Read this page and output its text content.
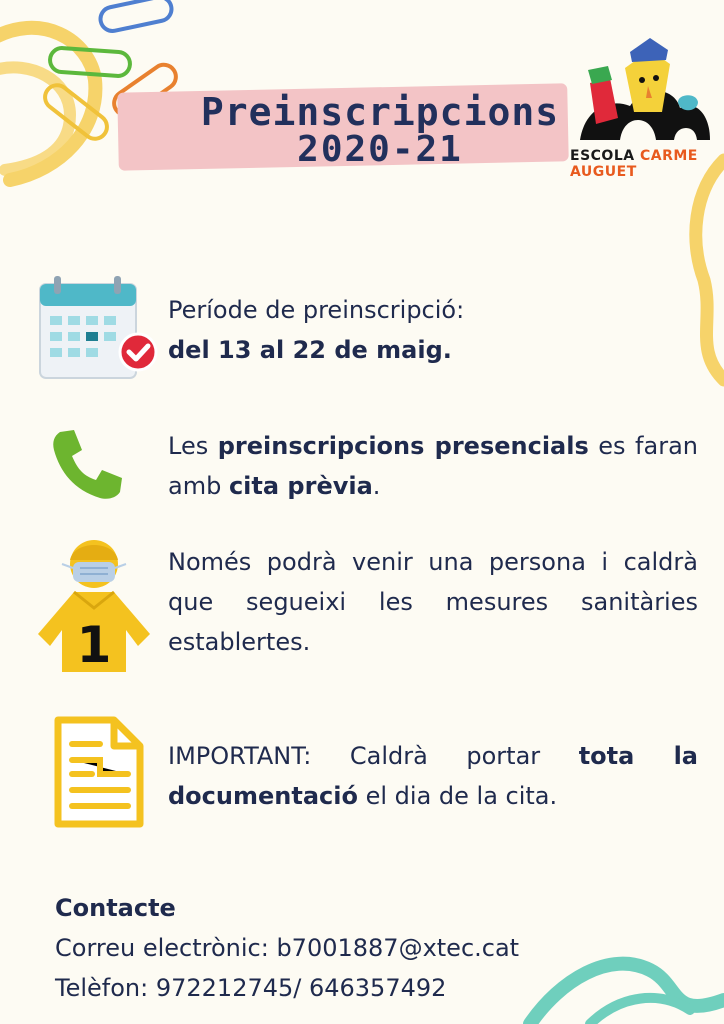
Preinscripcions
2020-21	ESCOLA CARME AUGUET
Període de preinscripció:
del 13 al 22 de maig.
Les preinscripcions presencials es faran amb cita prèvia.
1
Només podrà venir una persona i caldrà que segueixi les mesures sanitàries establertes.
IMPORTANT: Caldrà portar tota la documentació el dia de la cita.
Contacte
Correu electrònic: b7001887@xtec.cat
Telèfon: 972212745/ 646357492
